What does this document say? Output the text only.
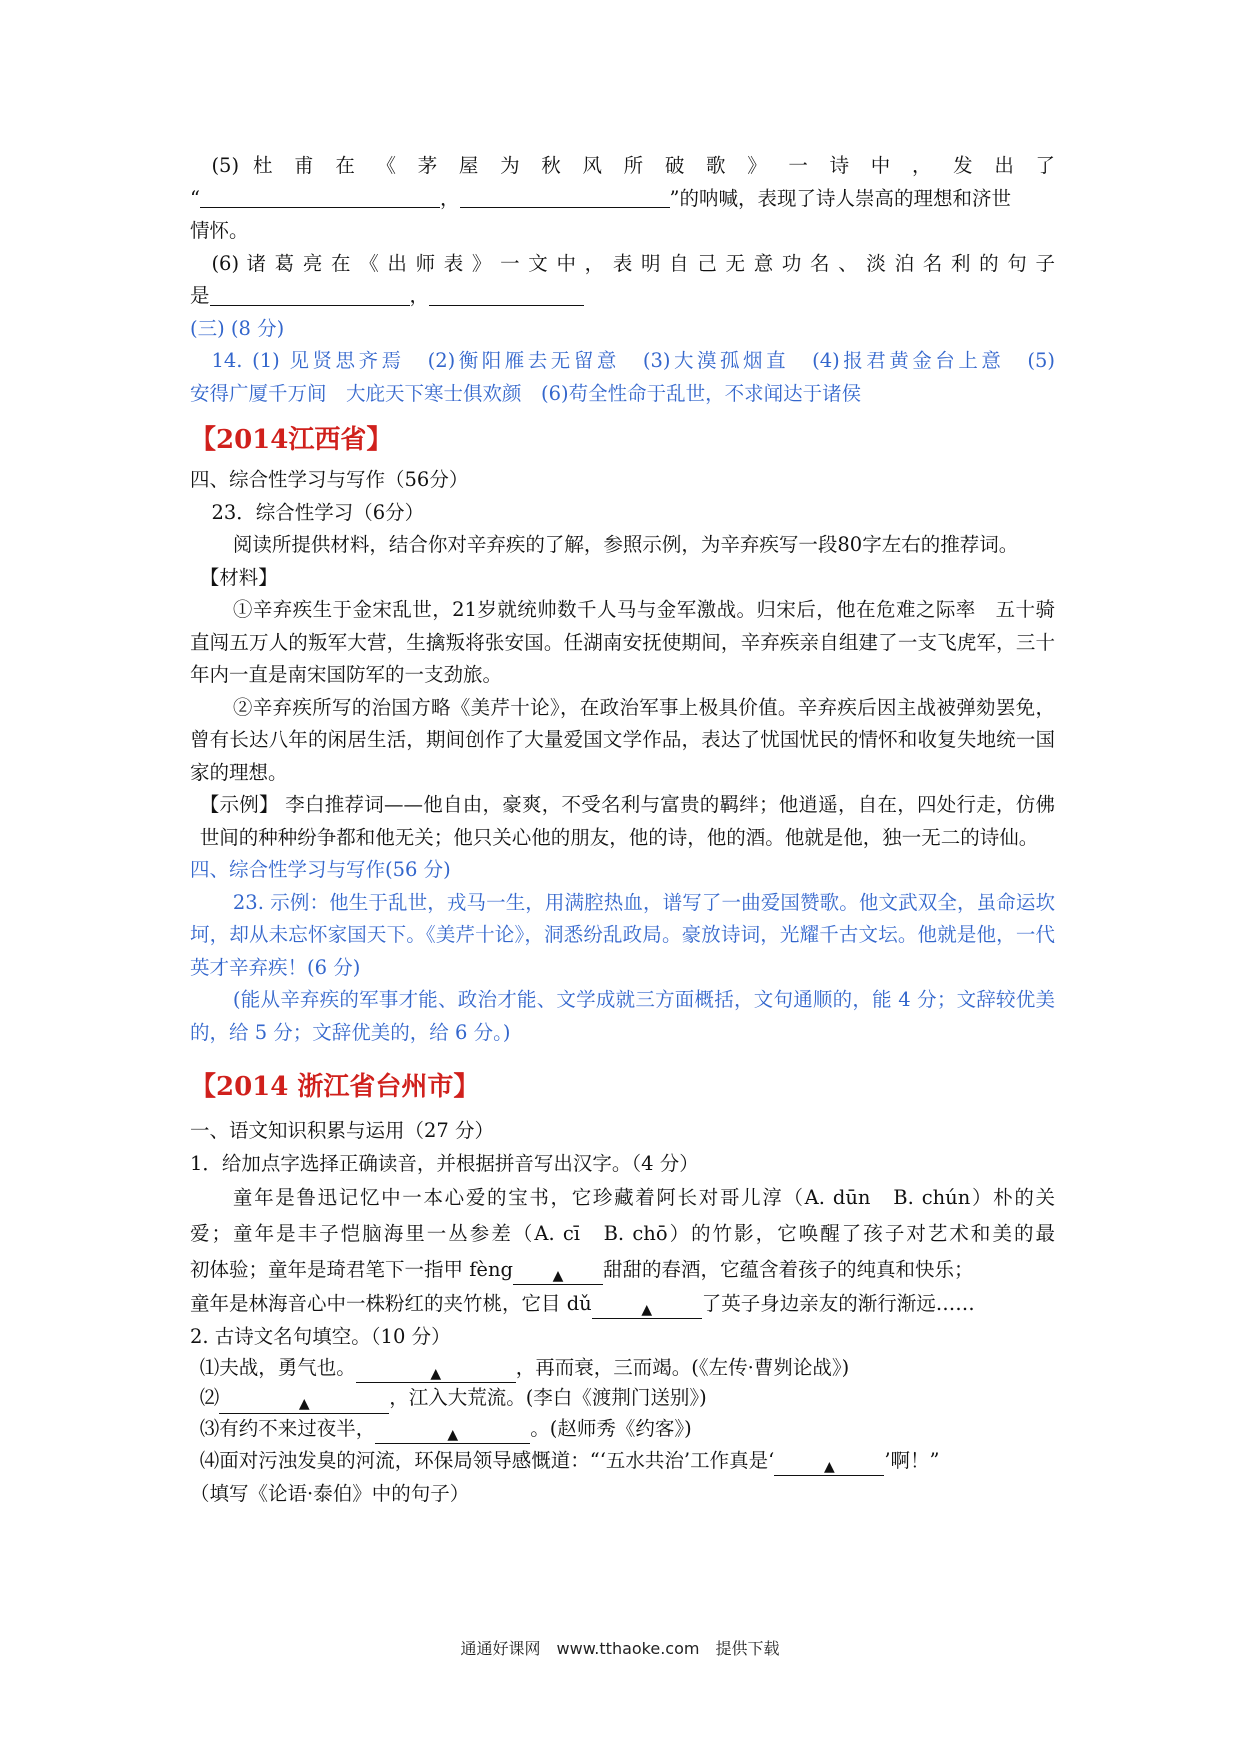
(5) 杜 甫 在 《 茅 屋 为 秋 风 所 破 歌 》 一 诗 中 ， 发 出 了

“	，	”的呐喊，表现了诗人崇高的理想和济世

情怀。

(6) 诸 葛 亮 在 《 出 师 表 》 一 文 中 ， 表 明 自 己 无 意 功 名 、 淡 泊 名 利 的 句 子

是	，

(三) (8 分)

14. (1) 见贤思齐焉　(2)衡阳雁去无留意　(3)大漠孤烟直　(4)报君黄金台上意　(5)

安得广厦千万间　大庇天下寒士俱欢颜　(6)苟全性命于乱世，不求闻达于诸侯

【2014江西省】

四、综合性学习与写作（56分）

23．综合性学习（6分）

阅读所提供材料，结合你对辛弃疾的了解，参照示例，为辛弃疾写一段80字左右的推荐词。

【材料】

①辛弃疾生于金宋乱世，21岁就统帅数千人马与金军激战。归宋后，他在危难之际率　五十骑直闯五万人的叛军大营，生擒叛将张安国。任湖南安抚使期间，辛弃疾亲自组建了一支飞虎军，三十年内一直是南宋国防军的一支劲旅。

②辛弃疾所写的治国方略《美芹十论》，在政治军事上极具价值。辛弃疾后因主战被弹劾罢免，曾有长达八年的闲居生活，期间创作了大量爱国文学作品，表达了忧国忧民的情怀和收复失地统一国家的理想。

【示例】 李白推荐词——他自由，豪爽，不受名利与富贵的羁绊；他逍遥，自在，四处行走，仿佛世间的种种纷争都和他无关；他只关心他的朋友，他的诗，他的酒。他就是他，独一无二的诗仙。

四、综合性学习与写作(56 分)

23. 示例：他生于乱世，戎马一生，用满腔热血，谱写了一曲爱国赞歌。他文武双全，虽命运坎坷，却从未忘怀家国天下。《美芹十论》，洞悉纷乱政局。豪放诗词，光耀千古文坛。他就是他，一代英才辛弃疾！(6 分)

(能从辛弃疾的军事才能、政治才能、文学成就三方面概括，文句通顺的，能 4 分；文辞较优美的，给 5 分；文辞优美的，给 6 分。)

【2014 浙江省台州市】

一、语文知识积累与运用（27 分）

1．给加点字选择正确读音，并根据拼音写出汉字。（4 分）

童年是鲁迅记忆中一本心爱的宝书，它珍藏着阿长对哥儿淳（A. dūn　B. chún）朴的关

爱；童年是丰子恺脑海里一丛参差（A. cī　B. chō）的竹影，它唤醒了孩子对艺术和美的最

初体验；童年是琦君笔下一指甲 fèng	▲ 甜甜的春酒，它蕴含着孩子的纯真和快乐；

童年是林海音心中一株粉红的夹竹桃，它目 dǔ	▲	了英子身边亲友的渐行渐远……

2. 古诗文名句填空。（10 分）

⑴夫战，勇气也。	▲	，再而衰，三而竭。(《左传·曹刿论战》)

⑵	▲	，江入大荒流。(李白《渡荆门送别》)

⑶有约不来过夜半，	▲	。(赵师秀《约客》)

⑷面对污浊发臭的河流，环保局领导感慨道：“‘五水共治’工作真是‘	▲	’啊！”

（填写《论语·泰伯》中的句子）

通通好课网　www.tthaoke.com　提供下载
